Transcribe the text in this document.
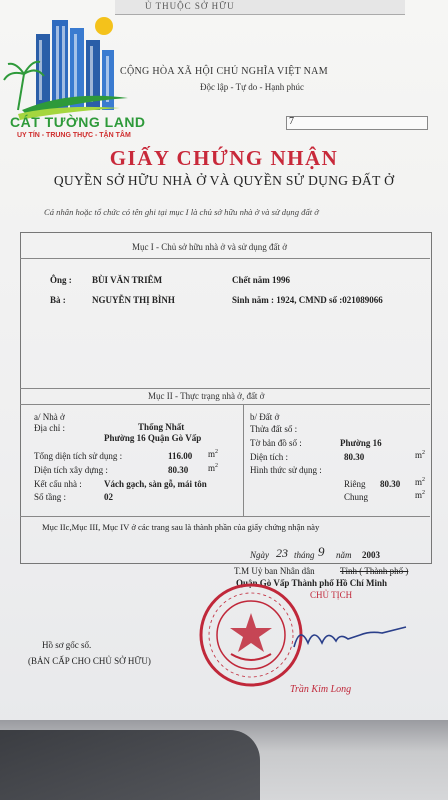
Ủ THUỘC SỞ HỮU
CÁT TƯỜNG LAND
UY TÍN - TRUNG THỰC - TẬN TÂM
CỘNG HÒA XÃ HỘI CHỦ NGHĨA VIỆT NAM
Độc lập - Tự do - Hạnh phúc
7
GIẤY CHỨNG NHẬN
QUYỀN SỞ HỮU NHÀ Ở VÀ QUYỀN SỬ DỤNG ĐẤT Ở
Cá nhân hoặc tổ chức có tên ghi tại mục I là chủ sở hữu nhà ở và sử dụng đất ở
Mục I - Chủ sở hữu nhà ở và sử dụng đất ở
Ông : BÙI VĂN TRIÊM	Chết năm 1996
Bà :	NGUYỄN THỊ BÌNH	Sinh năm : 1924, CMND số :021089066
Mục II - Thực trạng nhà ở, đất ở
a/ Nhà ở
Địa chỉ :	Thống Nhất
Phường 16 Quận Gò Vấp
Tổng diện tích sử dụng :	116.00 $m^2$
Diện tích xây dựng :	80.30 $m^2$
Kết cấu nhà : Vách gạch, sàn gỗ, mái tôn
Số tầng :	02
b/ Đất ở
Thửa đất số :
Tờ bản đồ số :	Phường 16
Diện tích :	80.30	$m^2$
Hình thức sử dụng :
Riêng 80.30 $m^2$
Chung	$m^2$
Mục IIc,Mục III, Mục IV ở các trang sau là thành phần của giấy chứng nhận này
Ngày 23 tháng 9 năm 2003
T.M Uỷ ban Nhân dân	Tỉnh ( Thành phố )
Quận Gò Vấp Thành phố Hồ Chí Minh
CHỦ TỊCH
Trần Kim Long
Hồ sơ gốc số.
(BẢN CẤP CHO CHỦ SỞ HỮU)
